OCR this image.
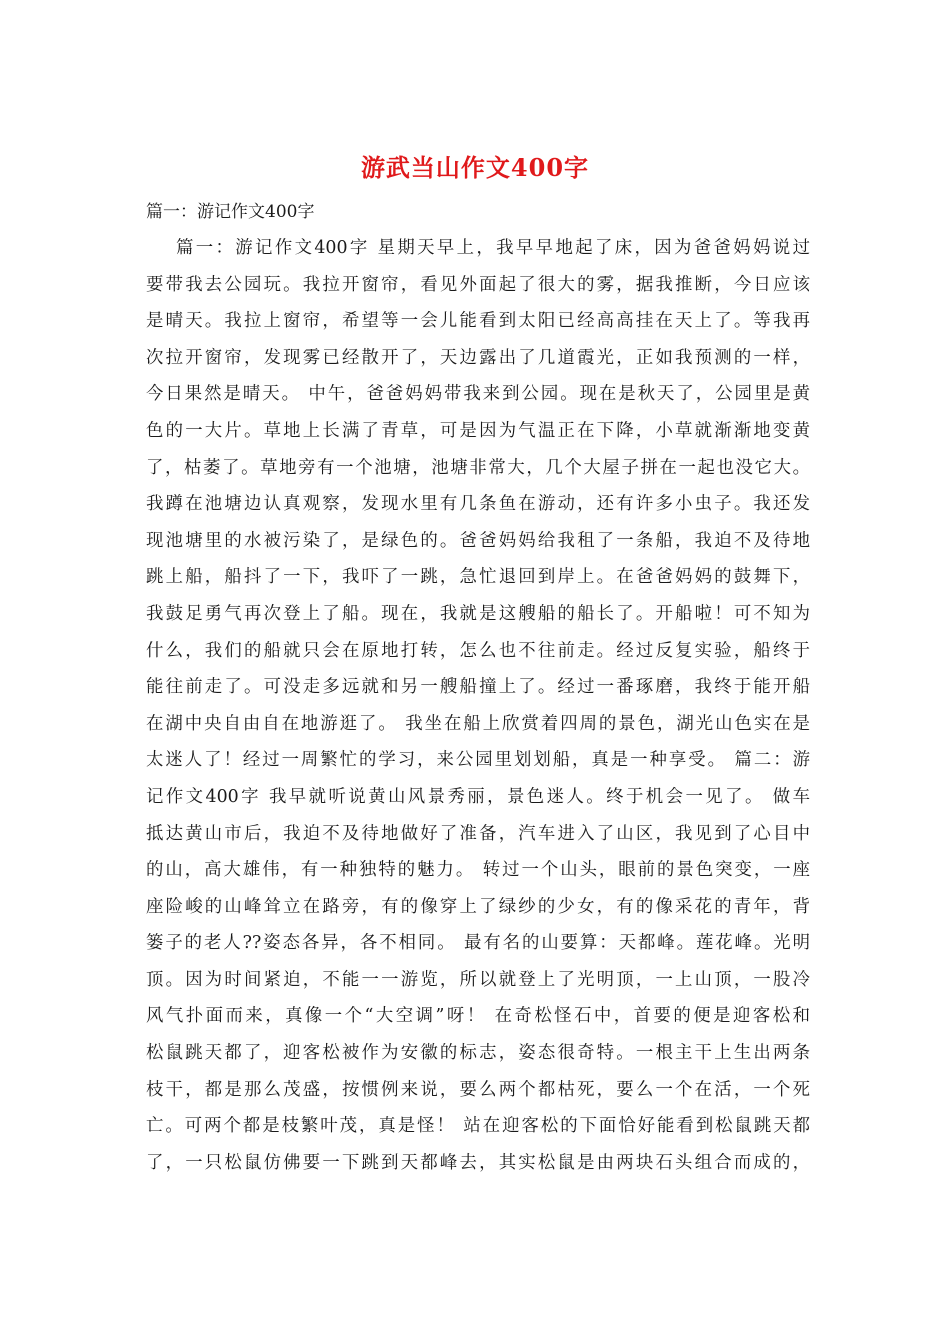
游武当山作文400字
篇一：游记作文400字
篇一：游记作文400字 星期天早上，我早早地起了床，因为爸爸妈妈说过
要带我去公园玩。我拉开窗帘，看见外面起了很大的雾，据我推断，今日应该
是晴天。我拉上窗帘，希望等一会儿能看到太阳已经高高挂在天上了。等我再
次拉开窗帘，发现雾已经散开了，天边露出了几道霞光，正如我预测的一样，
今日果然是晴天。 中午，爸爸妈妈带我来到公园。现在是秋天了，公园里是黄
色的一大片。草地上长满了青草，可是因为气温正在下降，小草就渐渐地变黄
了，枯萎了。草地旁有一个池塘，池塘非常大，几个大屋子拼在一起也没它大。
我蹲在池塘边认真观察，发现水里有几条鱼在游动，还有许多小虫子。我还发
现池塘里的水被污染了，是绿色的。爸爸妈妈给我租了一条船，我迫不及待地
跳上船，船抖了一下，我吓了一跳，急忙退回到岸上。在爸爸妈妈的鼓舞下，
我鼓足勇气再次登上了船。现在，我就是这艘船的船长了。开船啦！可不知为
什么，我们的船就只会在原地打转，怎么也不往前走。经过反复实验，船终于
能往前走了。可没走多远就和另一艘船撞上了。经过一番琢磨，我终于能开船
在湖中央自由自在地游逛了。 我坐在船上欣赏着四周的景色，湖光山色实在是
太迷人了！经过一周繁忙的学习，来公园里划划船，真是一种享受。 篇二：游
记作文400字 我早就听说黄山风景秀丽，景色迷人。终于机会一见了。 做车
抵达黄山市后，我迫不及待地做好了准备，汽车进入了山区，我见到了心目中
的山，高大雄伟，有一种独特的魅力。 转过一个山头，眼前的景色突变，一座
座险峻的山峰耸立在路旁，有的像穿上了绿纱的少女，有的像采花的青年，背
篓子的老人??姿态各异，各不相同。 最有名的山要算：天都峰。莲花峰。光明
顶。因为时间紧迫，不能一一游览，所以就登上了光明顶，一上山顶，一股冷
风气扑面而来，真像一个“大空调”呀！ 在奇松怪石中，首要的便是迎客松和
松鼠跳天都了，迎客松被作为安徽的标志，姿态很奇特。一根主干上生出两条
枝干，都是那么茂盛，按惯例来说，要么两个都枯死，要么一个在活，一个死
亡。可两个都是枝繁叶茂，真是怪！ 站在迎客松的下面恰好能看到松鼠跳天都
了，一只松鼠仿佛要一下跳到天都峰去，其实松鼠是由两块石头组合而成的，
